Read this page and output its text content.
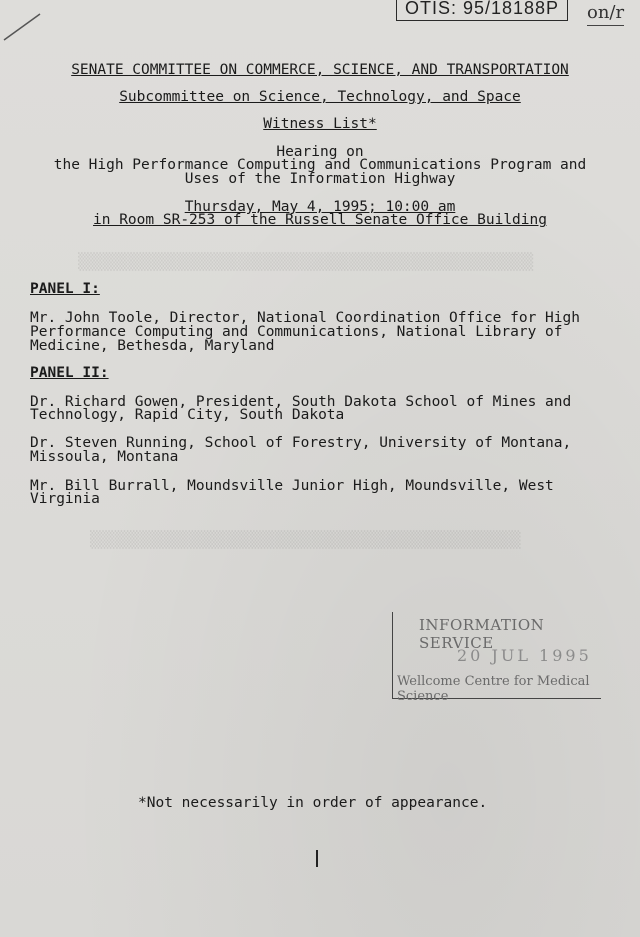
OTIS: 95/18188P	on/r
▒▒▒▒▒▒▒▒▒▒▒▒▒▒▒▒▒▒▒▒▒▒▒▒▒▒▒▒▒▒▒▒▒▒▒▒▒
▒▒▒▒▒▒▒▒▒▒▒▒▒▒▒▒▒▒▒▒▒▒▒▒▒▒▒▒▒▒▒▒▒▒▒
SENATE COMMITTEE ON COMMERCE, SCIENCE, AND TRANSPORTATION
Subcommittee on Science, Technology, and Space
Witness List*
Hearing on
the High Performance Computing and Communications Program and
Uses of the Information Highway
Thursday, May 4, 1995; 10:00 am
in Room SR-253 of the Russell Senate Office Building
PANEL I:
Mr. John Toole, Director, National Coordination Office for High
Performance Computing and Communications, National Library of
Medicine, Bethesda, Maryland
PANEL II:
Dr. Richard Gowen, President, South Dakota School of Mines and
Technology, Rapid City, South Dakota
Dr. Steven Running, School of Forestry, University of Montana,
Missoula, Montana
Mr. Bill Burrall, Moundsville Junior High, Moundsville, West
Virginia
INFORMATION SERVICE
20 JUL 1995
Wellcome Centre for Medical Science
*Not necessarily in order of appearance.
